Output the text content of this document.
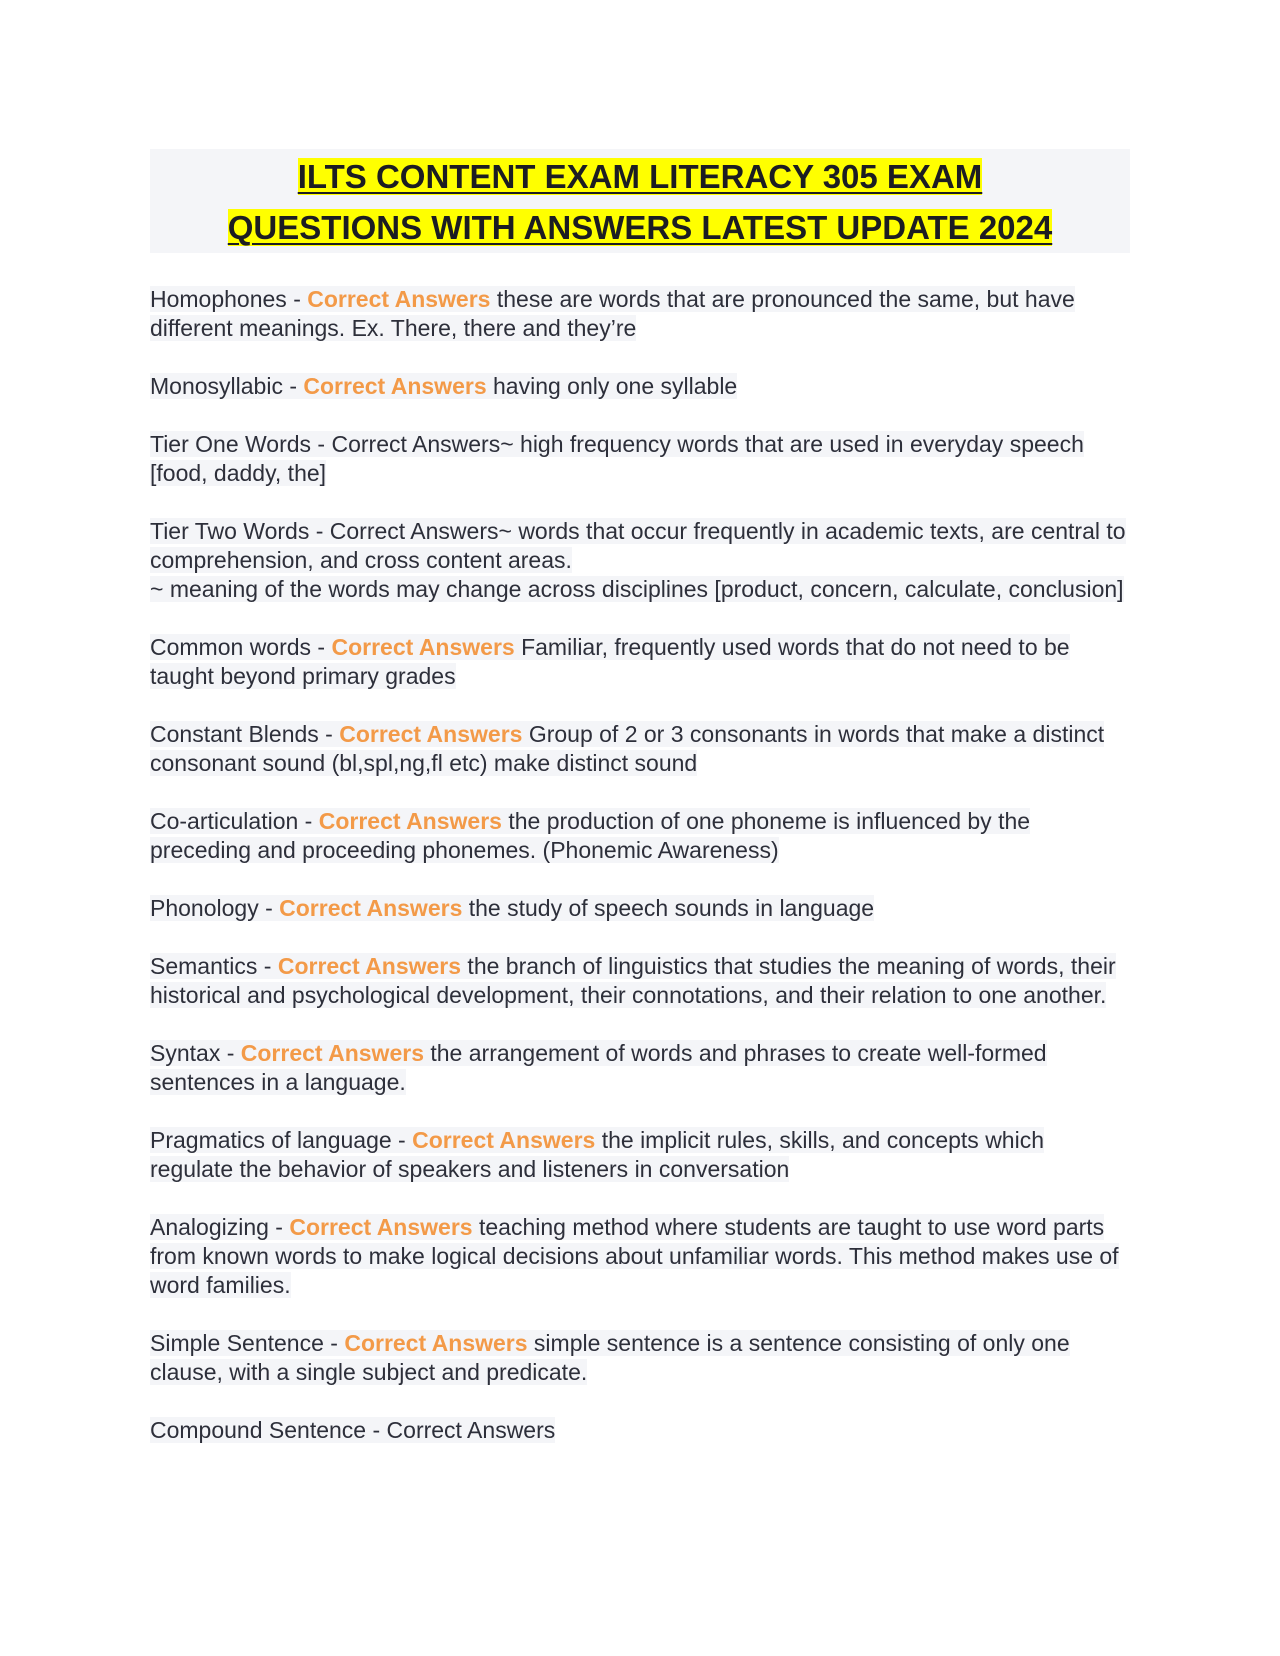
ILTS CONTENT EXAM LITERACY 305 EXAM
QUESTIONS WITH ANSWERS LATEST UPDATE 2024
Homophones - Correct Answers these are words that are pronounced the same, but have different meanings. Ex. There, there and they’re
Monosyllabic - Correct Answers having only one syllable
Tier One Words - Correct Answers~ high frequency words that are used in everyday speech [food, daddy, the]
Tier Two Words - Correct Answers~ words that occur frequently in academic texts, are central to comprehension, and cross content areas.
~ meaning of the words may change across disciplines [product, concern, calculate, conclusion]
Common words - Correct Answers Familiar, frequently used words that do not need to be taught beyond primary grades
Constant Blends - Correct Answers Group of 2 or 3 consonants in words that make a distinct consonant sound (bl,spl,ng,fl etc) make distinct sound
Co-articulation - Correct Answers the production of one phoneme is influenced by the preceding and proceeding phonemes. (Phonemic Awareness)
Phonology - Correct Answers the study of speech sounds in language
Semantics - Correct Answers the branch of linguistics that studies the meaning of words, their historical and psychological development, their connotations, and their relation to one another.
Syntax - Correct Answers the arrangement of words and phrases to create well-formed sentences in a language.
Pragmatics of language - Correct Answers the implicit rules, skills, and concepts which regulate the behavior of speakers and listeners in conversation
Analogizing - Correct Answers teaching method where students are taught to use word parts from known words to make logical decisions about unfamiliar words. This method makes use of word families.
Simple Sentence - Correct Answers simple sentence is a sentence consisting of only one clause, with a single subject and predicate.
Compound Sentence - Correct Answers
